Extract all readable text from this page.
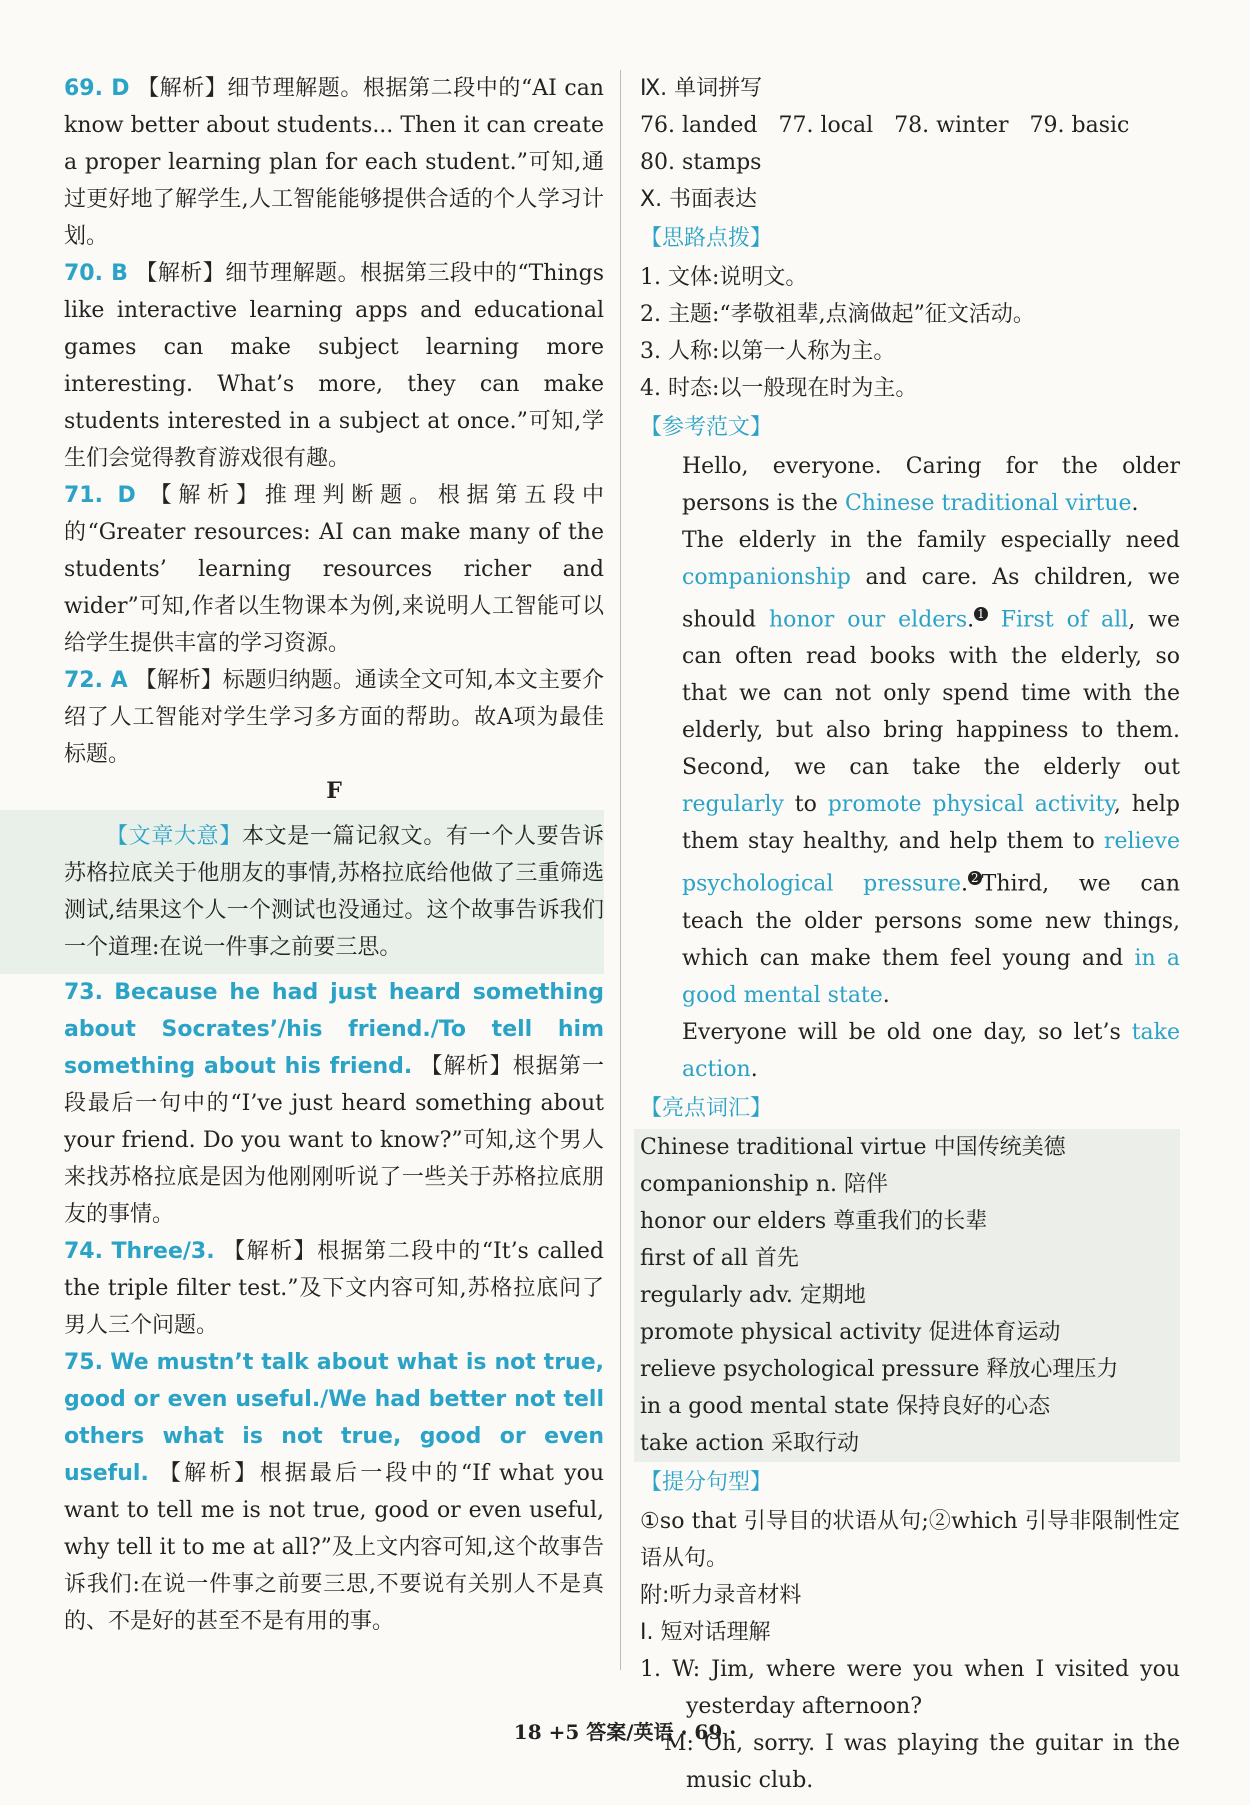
69. D 【解析】细节理解题。根据第二段中的“AI can know better about students... Then it can create a proper learning plan for each student.”可知,通过更好地了解学生,人工智能能够提供合适的个人学习计划。

70. B 【解析】细节理解题。根据第三段中的“Things like interactive learning apps and educational games can make subject learning more interesting. What’s more, they can make students interested in a subject at once.”可知,学生们会觉得教育游戏很有趣。

71. D 【解析】推理判断题。根据第五段中的“Greater resources: AI can make many of the students’ learning resources richer and wider”可知,作者以生物课本为例,来说明人工智能可以给学生提供丰富的学习资源。

72. A 【解析】标题归纳题。通读全文可知,本文主要介绍了人工智能对学生学习多方面的帮助。故A项为最佳标题。

F

【文章大意】本文是一篇记叙文。有一个人要告诉苏格拉底关于他朋友的事情,苏格拉底给他做了三重筛选测试,结果这个人一个测试也没通过。这个故事告诉我们一个道理:在说一件事之前要三思。

73. Because he had just heard something about Socrates’/his friend./To tell him something about his friend. 【解析】根据第一段最后一句中的“I’ve just heard something about your friend. Do you want to know?”可知,这个男人来找苏格拉底是因为他刚刚听说了一些关于苏格拉底朋友的事情。

74. Three/3. 【解析】根据第二段中的“It’s called the triple filter test.”及下文内容可知,苏格拉底问了男人三个问题。

75. We mustn’t talk about what is not true, good or even useful./We had better not tell others what is not true, good or even useful. 【解析】根据最后一段中的“If what you want to tell me is not true, good or even useful, why tell it to me at all?”及上文内容可知,这个故事告诉我们:在说一件事之前要三思,不要说有关别人不是真的、不是好的甚至不是有用的事。

Ⅸ. 单词拼写

76. landed   77. local   78. winter   79. basic

80. stamps

Ⅹ. 书面表达

【思路点拨】

1. 文体:说明文。

2. 主题:“孝敬祖辈,点滴做起”征文活动。

3. 人称:以第一人称为主。

4. 时态:以一般现在时为主。

【参考范文】

Hello, everyone. Caring for the older persons is the Chinese traditional virtue.

The elderly in the family especially need companionship and care. As children, we should honor our elders. $^1$ First of all, we can often read books with the elderly, so that we can not only spend time with the elderly, but also bring happiness to them. Second, we can take the elderly out regularly to promote physical activity, help them stay healthy, and help them to relieve psychological pressure. $^2$ Third, we can teach the older persons some new things, which can make them feel young and in a good mental state.

Everyone will be old one day, so let’s take action.

【亮点词汇】

Chinese traditional virtue 中国传统美德

companionship n. 陪伴

honor our elders 尊重我们的长辈

first of all 首先

regularly adv. 定期地

promote physical activity 促进体育运动

relieve psychological pressure 释放心理压力

in a good mental state 保持良好的心态

take action 采取行动

【提分句型】

①so that 引导目的状语从句;②which 引导非限制性定语从句。

附:听力录音材料

Ⅰ. 短对话理解

1. W: Jim, where were you when I visited you yesterday afternoon?

M: Oh, sorry. I was playing the guitar in the music club.

18 +5 答案/英语 · 69 ·
